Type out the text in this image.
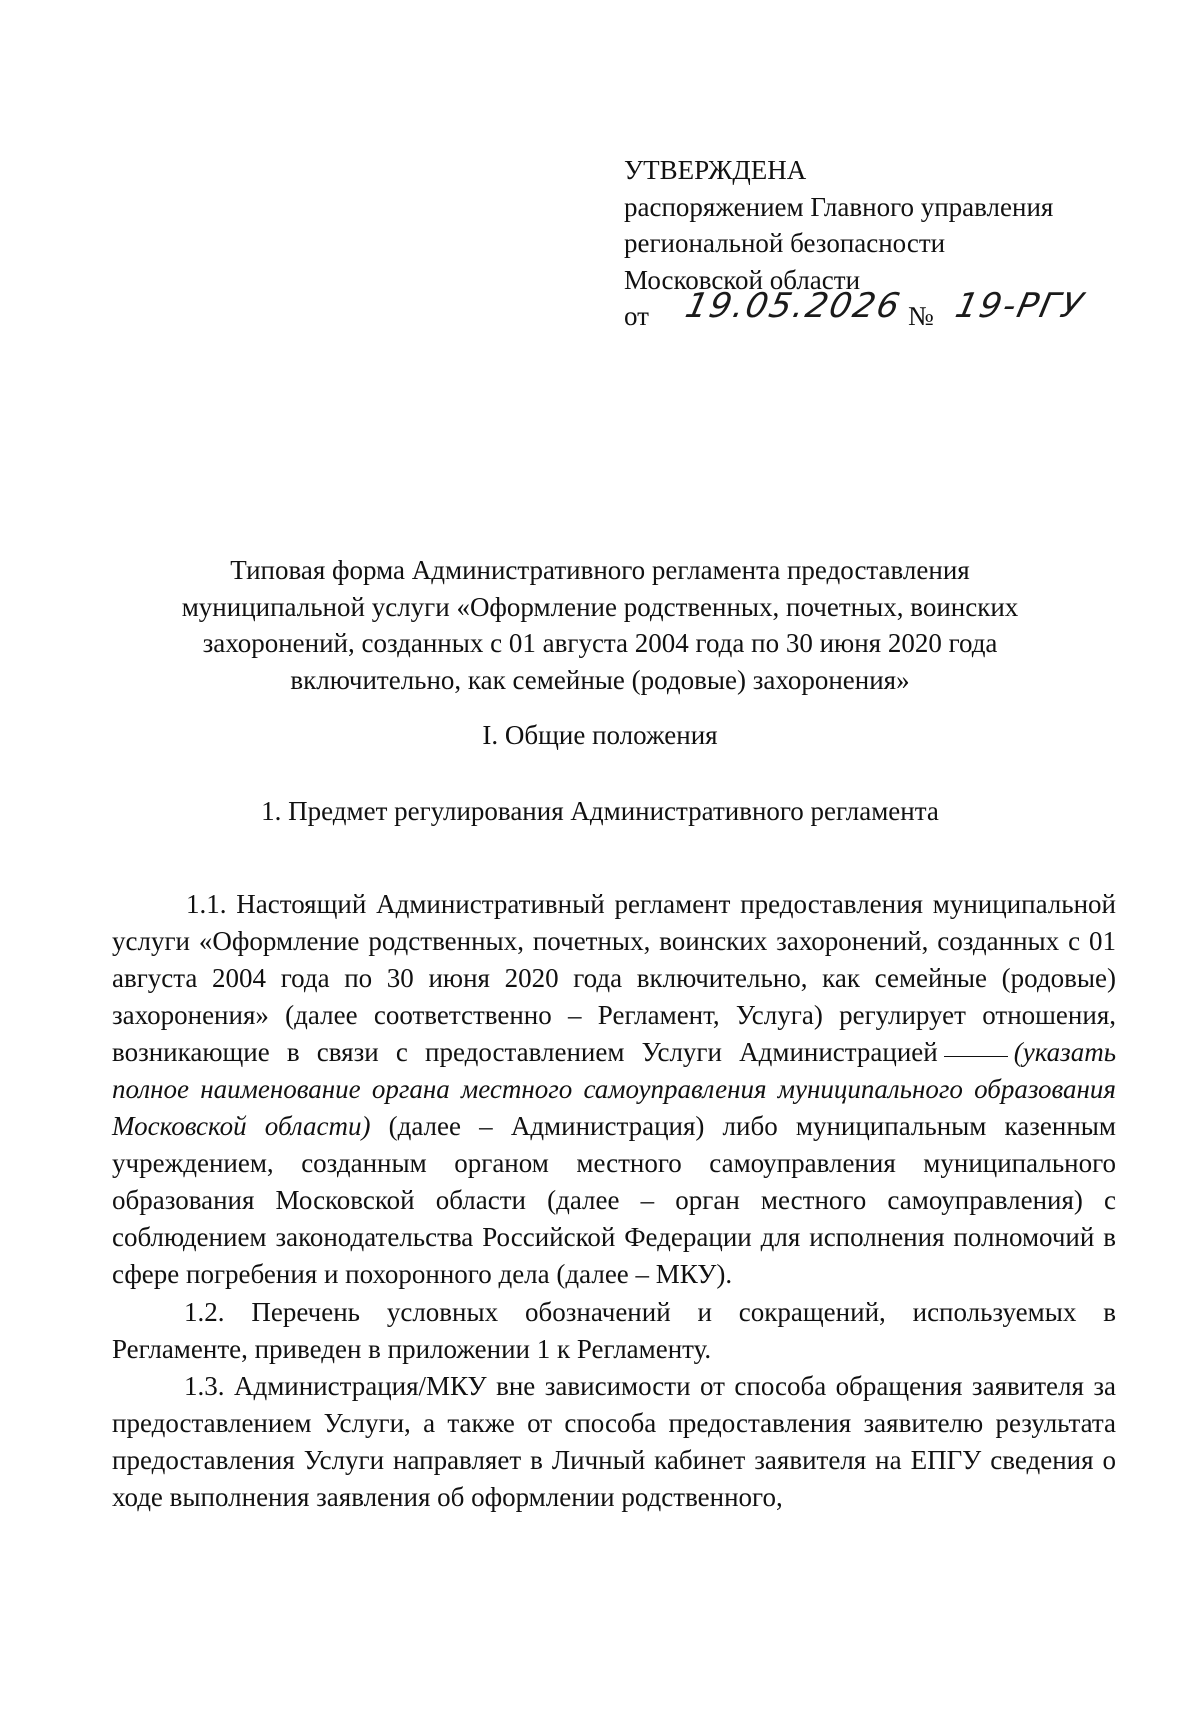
УТВЕРЖДЕНА
распоряжением Главного управления
региональной безопасности
Московской области
от 19.05.2026 № 19-РГУ
Типовая форма Административного регламента предоставления
муниципальной услуги «Оформление родственных, почетных, воинских
захоронений, созданных с 01 августа 2004 года по 30 июня 2020 года
включительно, как семейные (родовые) захоронения»
I. Общие положения
1. Предмет регулирования Административного регламента

1.1. Настоящий Административный регламент предоставления муниципальной услуги «Оформление родственных, почетных, воинских захоронений, созданных с 01 августа 2004 года по 30 июня 2020 года включительно, как семейные (родовые) захоронения» (далее соответственно – Регламент, Услуга) регулирует отношения, возникающие в связи с предоставлением Услуги Администрацией	(указать полное наименование органа местного самоуправления муниципального образования Московской области) (далее – Администрация) либо муниципальным казенным учреждением, созданным органом местного самоуправления муниципального образования Московской области (далее – орган местного самоуправления) с соблюдением законодательства Российской Федерации для исполнения полномочий в сфере погребения и похоронного дела (далее – МКУ).

1.2. Перечень условных обозначений и сокращений, используемых в Регламенте, приведен в приложении 1 к Регламенту.

1.3. Администрация/МКУ вне зависимости от способа обращения заявителя за предоставлением Услуги, а также от способа предоставления заявителю результата предоставления Услуги направляет в Личный кабинет заявителя на ЕПГУ сведения о ходе выполнения заявления об оформлении родственного,
